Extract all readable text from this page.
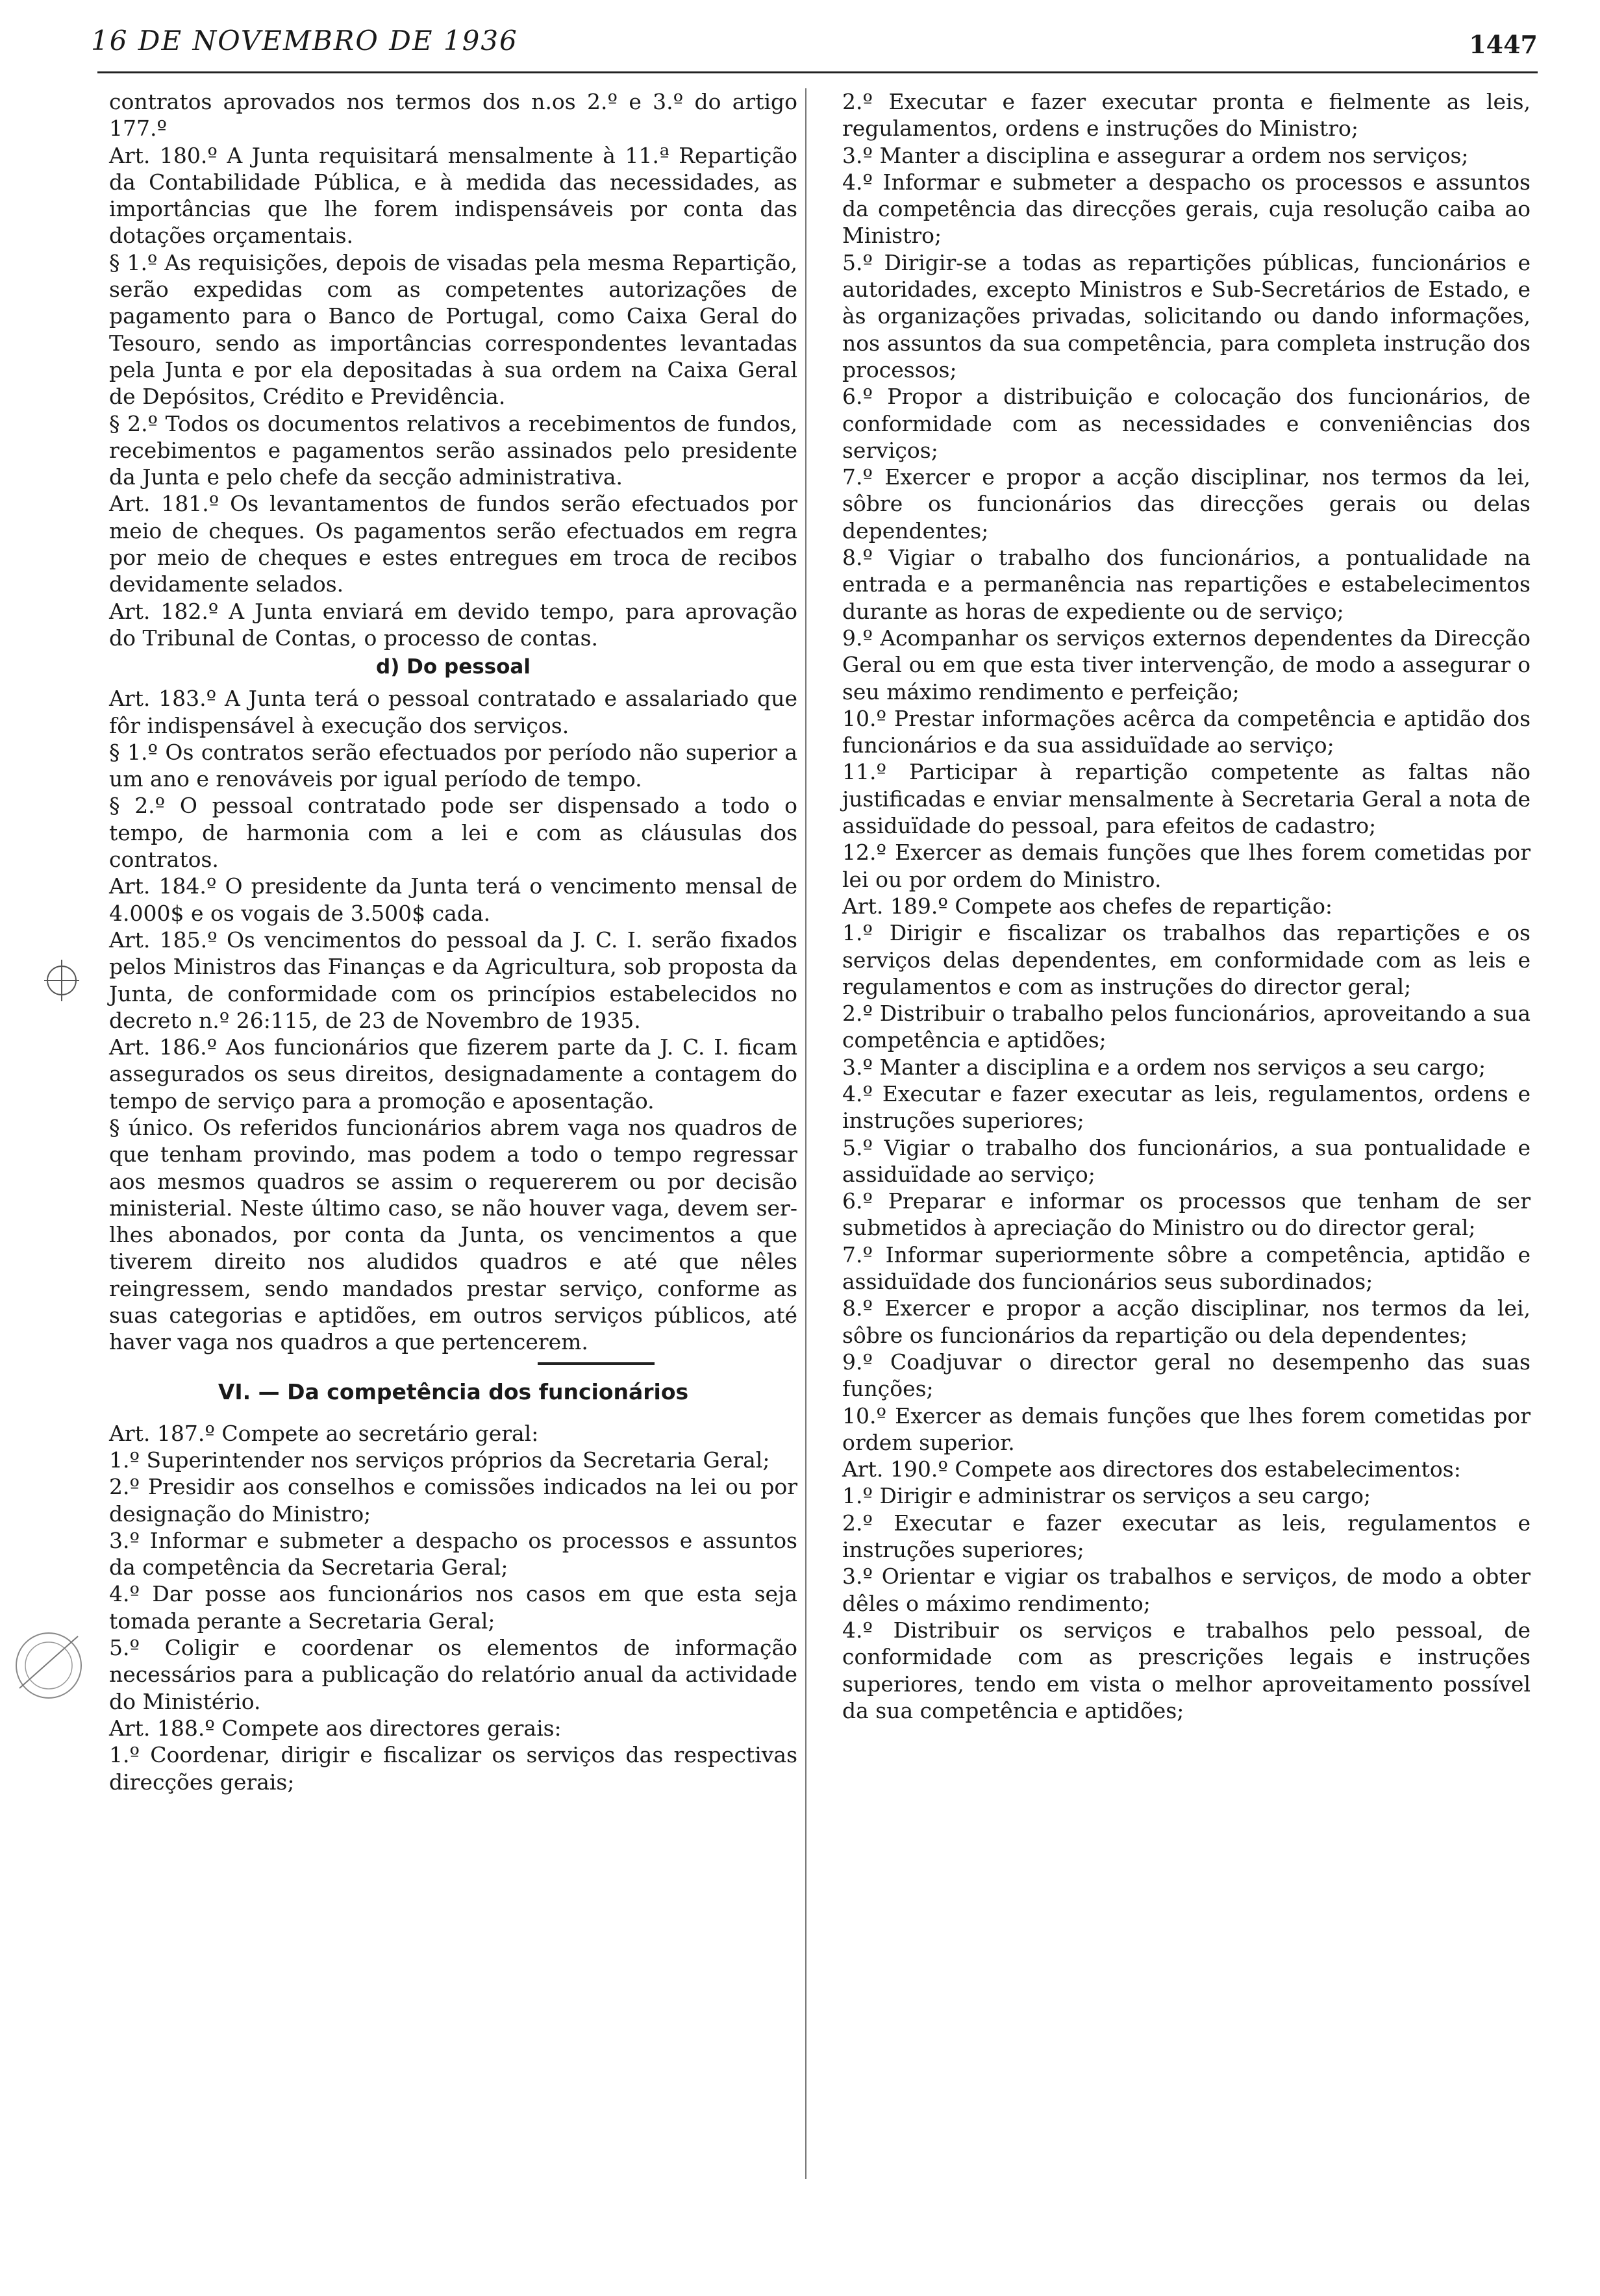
16 DE NOVEMBRO DE 1936	1447

contratos aprovados nos termos dos n.os 2.º e 3.º do artigo 177.º

Art. 180.º A Junta requisitará mensalmente à 11.ª Repartição da Contabilidade Pública, e à medida das necessidades, as importâncias que lhe forem indispensáveis por conta das dotações orçamentais.

§ 1.º As requisições, depois de visadas pela mesma Repartição, serão expedidas com as competentes autorizações de pagamento para o Banco de Portugal, como Caixa Geral do Tesouro, sendo as importâncias correspondentes levantadas pela Junta e por ela depositadas à sua ordem na Caixa Geral de Depósitos, Crédito e Previdência.

§ 2.º Todos os documentos relativos a recebimentos de fundos, recebimentos e pagamentos serão assinados pelo presidente da Junta e pelo chefe da secção administrativa.

Art. 181.º Os levantamentos de fundos serão efectuados por meio de cheques. Os pagamentos serão efectuados em regra por meio de cheques e estes entregues em troca de recibos devidamente selados.

Art. 182.º A Junta enviará em devido tempo, para aprovação do Tribunal de Contas, o processo de contas.

d) Do pessoal

Art. 183.º A Junta terá o pessoal contratado e assalariado que fôr indispensável à execução dos serviços.

§ 1.º Os contratos serão efectuados por período não superior a um ano e renováveis por igual período de tempo.

§ 2.º O pessoal contratado pode ser dispensado a todo o tempo, de harmonia com a lei e com as cláusulas dos contratos.

Art. 184.º O presidente da Junta terá o vencimento mensal de 4.000$ e os vogais de 3.500$ cada.

Art. 185.º Os vencimentos do pessoal da J. C. I. serão fixados pelos Ministros das Finanças e da Agricultura, sob proposta da Junta, de conformidade com os princípios estabelecidos no decreto n.º 26:115, de 23 de Novembro de 1935.

Art. 186.º Aos funcionários que fizerem parte da J. C. I. ficam assegurados os seus direitos, designadamente a contagem do tempo de serviço para a promoção e aposentação.

§ único. Os referidos funcionários abrem vaga nos quadros de que tenham provindo, mas podem a todo o tempo regressar aos mesmos quadros se assim o requererem ou por decisão ministerial. Neste último caso, se não houver vaga, devem ser-lhes abonados, por conta da Junta, os vencimentos a que tiverem direito nos aludidos quadros e até que nêles reingressem, sendo mandados prestar serviço, conforme as suas categorias e aptidões, em outros serviços públicos, até haver vaga nos quadros a que pertencerem.

VI. — Da competência dos funcionários

Art. 187.º Compete ao secretário geral:

1.º Superintender nos serviços próprios da Secretaria Geral;

2.º Presidir aos conselhos e comissões indicados na lei ou por designação do Ministro;

3.º Informar e submeter a despacho os processos e assuntos da competência da Secretaria Geral;

4.º Dar posse aos funcionários nos casos em que esta seja tomada perante a Secretaria Geral;

5.º Coligir e coordenar os elementos de informação necessários para a publicação do relatório anual da actividade do Ministério.

Art. 188.º Compete aos directores gerais:

1.º Coordenar, dirigir e fiscalizar os serviços das respectivas direcções gerais;

2.º Executar e fazer executar pronta e fielmente as leis, regulamentos, ordens e instruções do Ministro;

3.º Manter a disciplina e assegurar a ordem nos serviços;

4.º Informar e submeter a despacho os processos e assuntos da competência das direcções gerais, cuja resolução caiba ao Ministro;

5.º Dirigir-se a todas as repartições públicas, funcionários e autoridades, excepto Ministros e Sub-Secretários de Estado, e às organizações privadas, solicitando ou dando informações, nos assuntos da sua competência, para completa instrução dos processos;

6.º Propor a distribuição e colocação dos funcionários, de conformidade com as necessidades e conveniências dos serviços;

7.º Exercer e propor a acção disciplinar, nos termos da lei, sôbre os funcionários das direcções gerais ou delas dependentes;

8.º Vigiar o trabalho dos funcionários, a pontualidade na entrada e a permanência nas repartições e estabelecimentos durante as horas de expediente ou de serviço;

9.º Acompanhar os serviços externos dependentes da Direcção Geral ou em que esta tiver intervenção, de modo a assegurar o seu máximo rendimento e perfeição;

10.º Prestar informações acêrca da competência e aptidão dos funcionários e da sua assiduïdade ao serviço;

11.º Participar à repartição competente as faltas não justificadas e enviar mensalmente à Secretaria Geral a nota de assiduïdade do pessoal, para efeitos de cadastro;

12.º Exercer as demais funções que lhes forem cometidas por lei ou por ordem do Ministro.

Art. 189.º Compete aos chefes de repartição:

1.º Dirigir e fiscalizar os trabalhos das repartições e os serviços delas dependentes, em conformidade com as leis e regulamentos e com as instruções do director geral;

2.º Distribuir o trabalho pelos funcionários, aproveitando a sua competência e aptidões;

3.º Manter a disciplina e a ordem nos serviços a seu cargo;

4.º Executar e fazer executar as leis, regulamentos, ordens e instruções superiores;

5.º Vigiar o trabalho dos funcionários, a sua pontualidade e assiduïdade ao serviço;

6.º Preparar e informar os processos que tenham de ser submetidos à apreciação do Ministro ou do director geral;

7.º Informar superiormente sôbre a competência, aptidão e assiduïdade dos funcionários seus subordinados;

8.º Exercer e propor a acção disciplinar, nos termos da lei, sôbre os funcionários da repartição ou dela dependentes;

9.º Coadjuvar o director geral no desempenho das suas funções;

10.º Exercer as demais funções que lhes forem cometidas por ordem superior.

Art. 190.º Compete aos directores dos estabelecimentos:

1.º Dirigir e administrar os serviços a seu cargo;

2.º Executar e fazer executar as leis, regulamentos e instruções superiores;

3.º Orientar e vigiar os trabalhos e serviços, de modo a obter dêles o máximo rendimento;

4.º Distribuir os serviços e trabalhos pelo pessoal, de conformidade com as prescrições legais e instruções superiores, tendo em vista o melhor aproveitamento possível da sua competência e aptidões;
